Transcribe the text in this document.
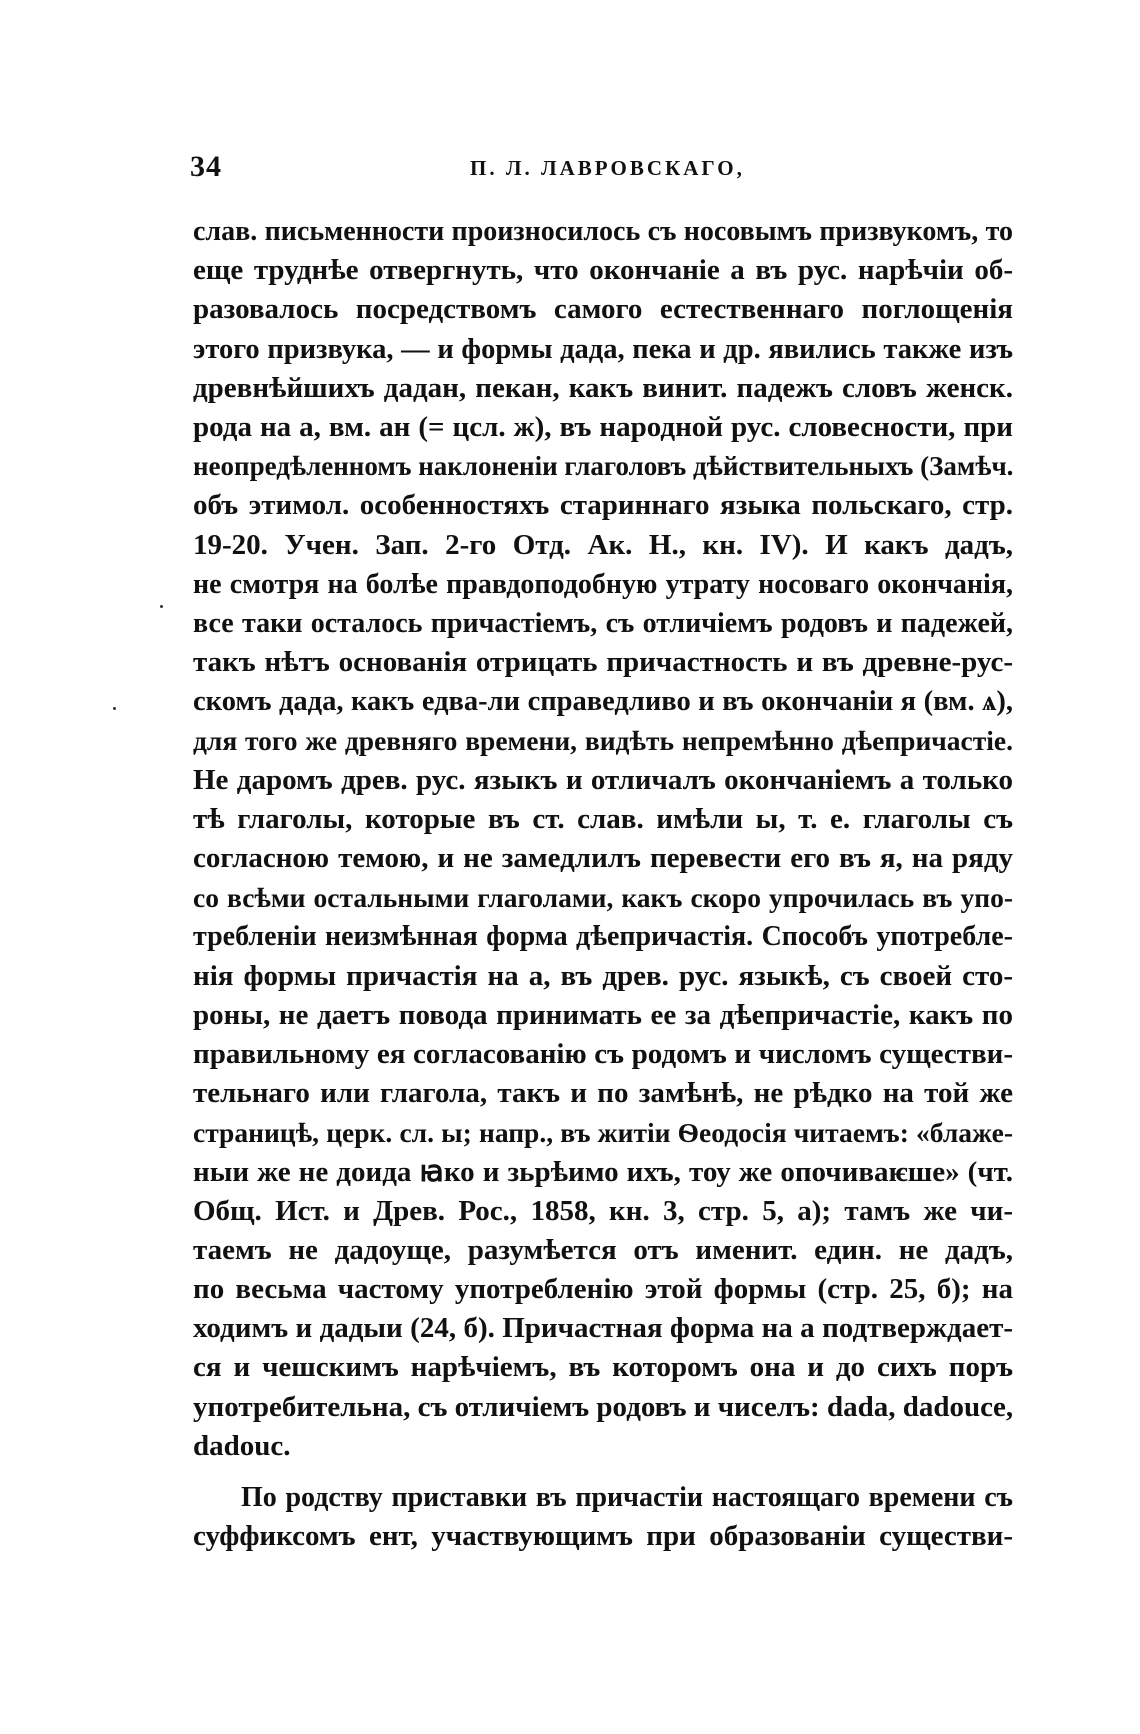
34	П. Л. ЛАВРОВСКАГО,
слав. письменности произносилось съ носовымъ призвукомъ, то
еще труднѣе отвергнуть, что окончаніе а въ рус. нарѣчіи об-
разовалось посредствомъ самого естественнаго поглощенія
этого призвука, — и формы дада, пека и др. явились также изъ
древнѣйшихъ дадан, пекан, какъ винит. падежъ словъ женск.
рода на а, вм. ан (= цсл. ж), въ народной рус. словесности, при
неопредѣленномъ наклоненіи глаголовъ дѣйствительныхъ (Замѣч.
объ этимол. особенностяхъ стариннаго языка польскаго, стр.
19-20. Учен. Зап. 2-го Отд. Ак. Н., кн. IV). И какъ дадъ,
не смотря на болѣе правдоподобную утрату носоваго окончанія,
все таки осталось причастіемъ, съ отличіемъ родовъ и падежей,
такъ нѣтъ основанія отрицать причастность и въ древне-рус-
скомъ дада, какъ едва-ли справедливо и въ окончаніи я (вм. ѧ),
для того же древняго времени, видѣть непремѣнно дѣепричастіе.
Не даромъ древ. рус. языкъ и отличалъ окончаніемъ а только
тѣ глаголы, которые въ ст. слав. имѣли ы, т. е. глаголы съ
согласною темою, и не замедлилъ перевести его въ я, на ряду
со всѣми остальными глаголами, какъ скоро упрочилась въ упо-
требленіи неизмѣнная форма дѣепричастія. Способъ употребле-
нія формы причастія на а, въ древ. рус. языкѣ, съ своей сто-
роны, не даетъ повода принимать ее за дѣепричастіе, какъ по
правильному ея согласованію съ родомъ и числомъ существи-
тельнаго или глагола, такъ и по замѣнѣ, не рѣдко на той же
страницѣ, церк. сл. ы; напр., въ житіи Ѳеодосія читаемъ: «блаже-
ныи же не доида ꙗко и зьрѣимо ихъ, тоу же опочиваѥше» (чт.
Общ. Ист. и Древ. Рос., 1858, кн. 3, стр. 5, а); тамъ же чи-
таемъ не дадоуще, разумѣется отъ именит. един. не дадъ,
по весьма частому употребленію этой формы (стр. 25, б); на
ходимъ и дадыи (24, б). Причастная форма на а подтверждает-
ся и чешскимъ нарѣчіемъ, въ которомъ она и до сихъ поръ
употребительна, съ отличіемъ родовъ и чиселъ: dada, dadouce,
dadouc.
По родству приставки въ причастіи настоящаго времени съ
суффиксомъ ент, участвующимъ при образованіи существи-
